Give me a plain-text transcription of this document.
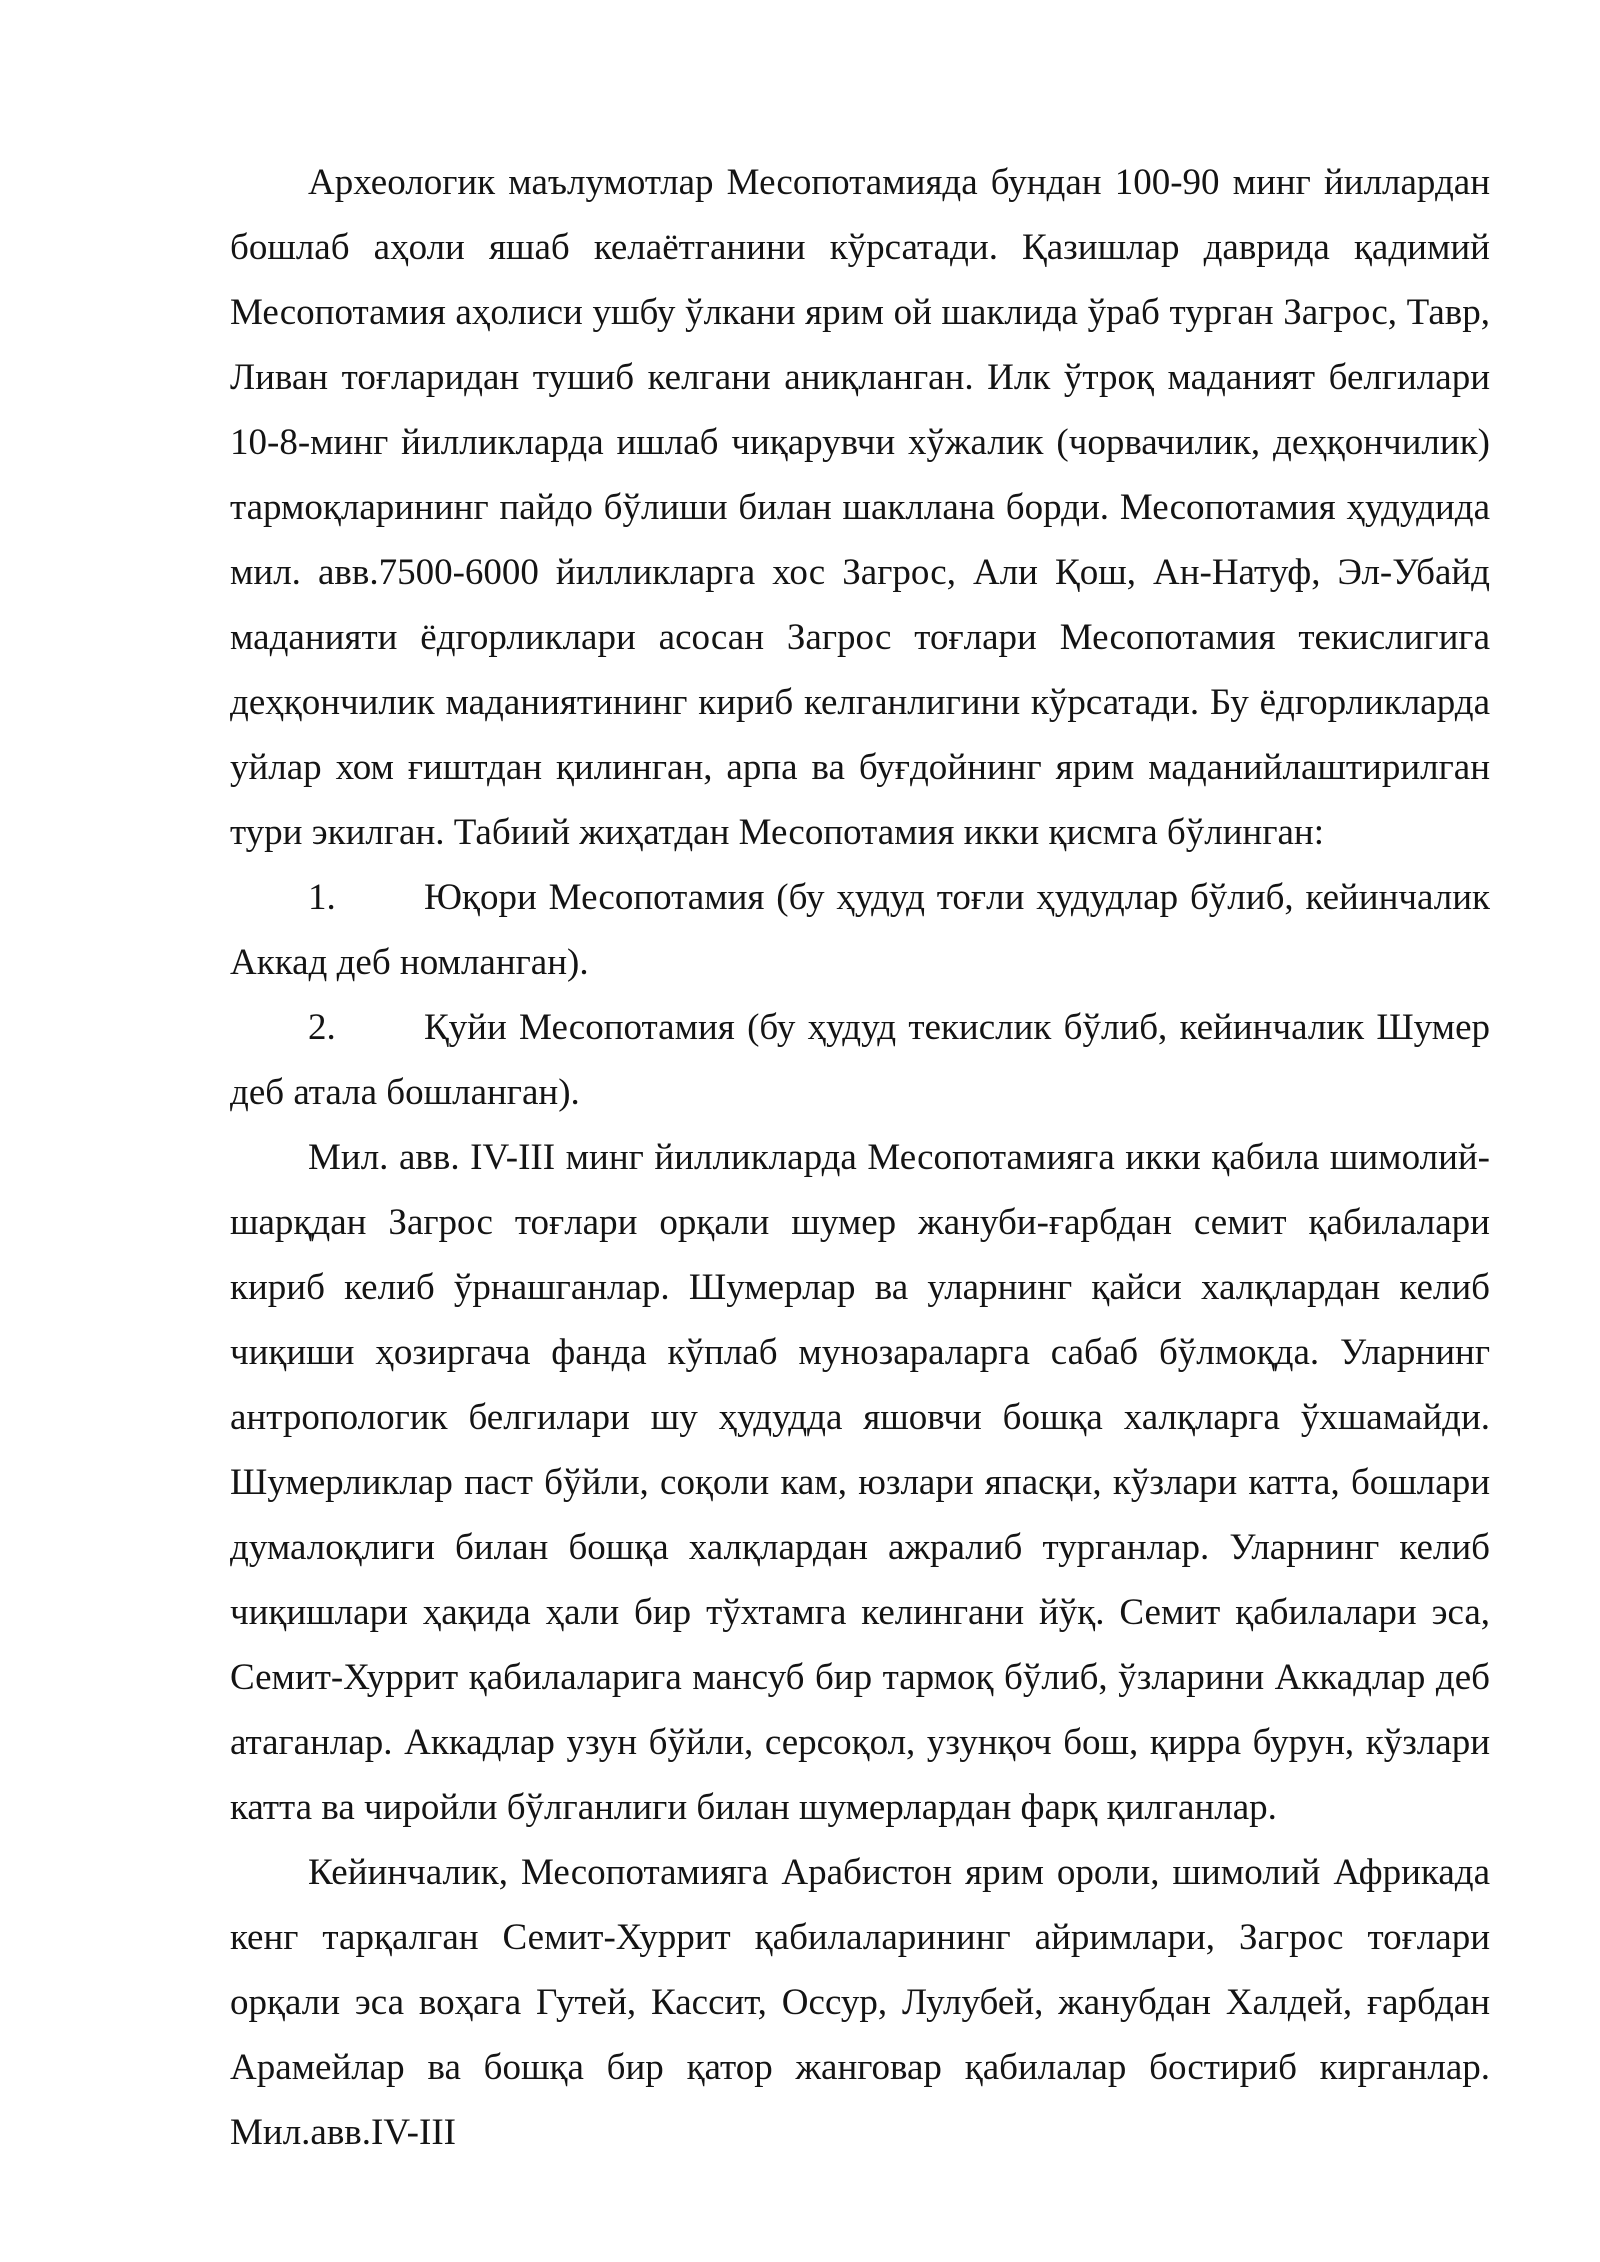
Археологик маълумотлар Месопотамияда бундан 100-90 минг йиллардан бошлаб аҳоли яшаб келаётганини кўрсатади. Қазишлар даврида қадимий Месопотамия аҳолиси ушбу ўлкани ярим ой шаклида ўраб турган Загрос, Тавр, Ливан тоғларидан тушиб келгани аниқланган. Илк ўтроқ маданият белгилари 10-8-минг йилликларда ишлаб чиқарувчи хўжалик (чорвачилик, деҳқончилик) тармоқларининг пайдо бўлиши билан шакллана борди. Месопотамия ҳудудида мил. авв.7500-6000 йилликларга хос Загрос, Али Қош, Ан-Натуф, Эл-Убайд маданияти ёдгорликлари асосан Загрос тоғлари Месопотамия текислигига деҳқончилик маданиятининг кириб келганлигини кўрсатади. Бу ёдгорликларда уйлар хом ғиштдан қилинган, арпа ва буғдойнинг ярим маданийлаштирилган тури экилган. Табиий жиҳатдан Месопотамия икки қисмга бўлинган:

1. Юқори Месопотамия (бу ҳудуд тоғли ҳудудлар бўлиб, кейинчалик Аккад деб номланган).

2. Қуйи Месопотамия (бу ҳудуд текислик бўлиб, кейинчалик Шумер деб атала бошланган).

Мил. авв. IV-III минг йилликларда Месопотамияга икки қабила шимолий-шарқдан Загрос тоғлари орқали шумер жануби-ғарбдан семит қабилалари кириб келиб ўрнашганлар. Шумерлар ва уларнинг қайси халқлардан келиб чиқиши ҳозиргача фанда кўплаб мунозараларга сабаб бўлмоқда. Уларнинг антропологик белгилари шу ҳудудда яшовчи бошқа халқларга ўхшамайди. Шумерликлар паст бўйли, соқоли кам, юзлари япасқи, кўзлари катта, бошлари думалоқлиги билан бошқа халқлардан ажралиб турганлар. Уларнинг келиб чиқишлари ҳақида ҳали бир тўхтамга келингани йўқ. Семит қабилалари эса, Семит-Хуррит қабилаларига мансуб бир тармоқ бўлиб, ўзларини Аккадлар деб атаганлар. Аккадлар узун бўйли, серсоқол, узунқоч бош, қирра бурун, кўзлари катта ва чиройли бўлганлиги билан шумерлардан фарқ қилганлар.

Кейинчалик, Месопотамияга Арабистон ярим ороли, шимолий Африкада кенг тарқалган Семит-Хуррит қабилаларининг айримлари, Загрос тоғлари орқали эса воҳага Гутей, Кассит, Оссур, Лулубей, жанубдан Халдей, ғарбдан Арамейлар ва бошқа бир қатор жанговар қабилалар бостириб кирганлар. Мил.авв.IV-III
